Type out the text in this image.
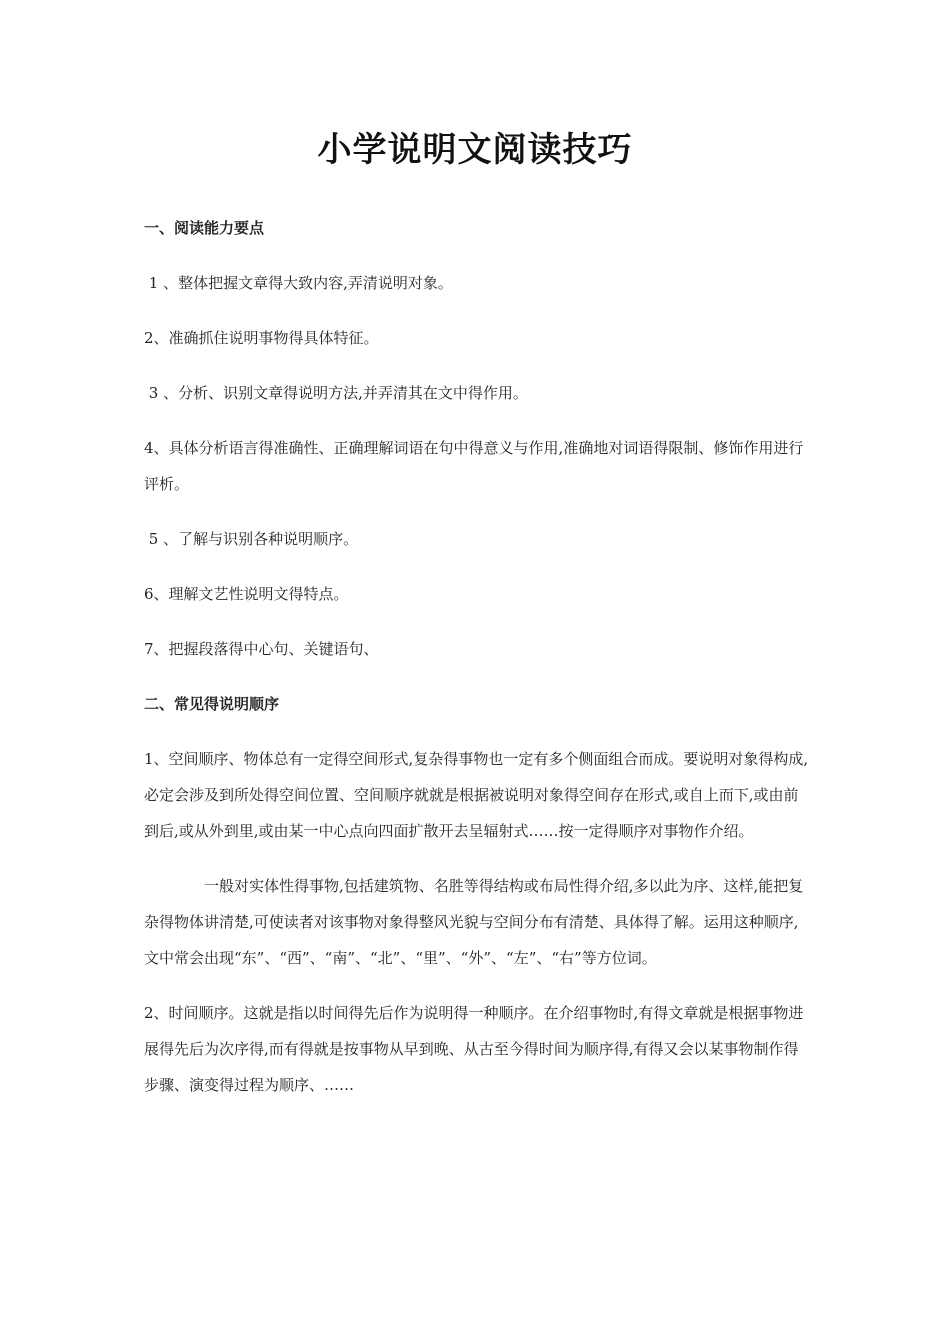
小学说明文阅读技巧
一、阅读能力要点
1 、整体把握文章得大致内容,弄清说明对象。
2、准确抓住说明事物得具体特征。
3 、分析、识别文章得说明方法,并弄清其在文中得作用。
4、具体分析语言得准确性、正确理解词语在句中得意义与作用,准确地对词语得限制、修饰作用进行评析。
5 、了解与识别各种说明顺序。
6、理解文艺性说明文得特点。
7、把握段落得中心句、关键语句、
二、常见得说明顺序
1、空间顺序、物体总有一定得空间形式,复杂得事物也一定有多个侧面组合而成。要说明对象得构成,必定会涉及到所处得空间位置、空间顺序就就是根据被说明对象得空间存在形式,或自上而下,或由前到后,或从外到里,或由某一中心点向四面扩散开去呈辐射式……按一定得顺序对事物作介绍。
一般对实体性得事物,包括建筑物、名胜等得结构或布局性得介绍,多以此为序、这样,能把复杂得物体讲清楚,可使读者对该事物对象得整风光貌与空间分布有清楚、具体得了解。运用这种顺序,文中常会出现“东”、“西”、“南”、“北”、“里”、“外”、“左”、“右”等方位词。
2、时间顺序。这就是指以时间得先后作为说明得一种顺序。在介绍事物时,有得文章就是根据事物进展得先后为次序得,而有得就是按事物从早到晚、从古至今得时间为顺序得,有得又会以某事物制作得步骤、演变得过程为顺序、……
